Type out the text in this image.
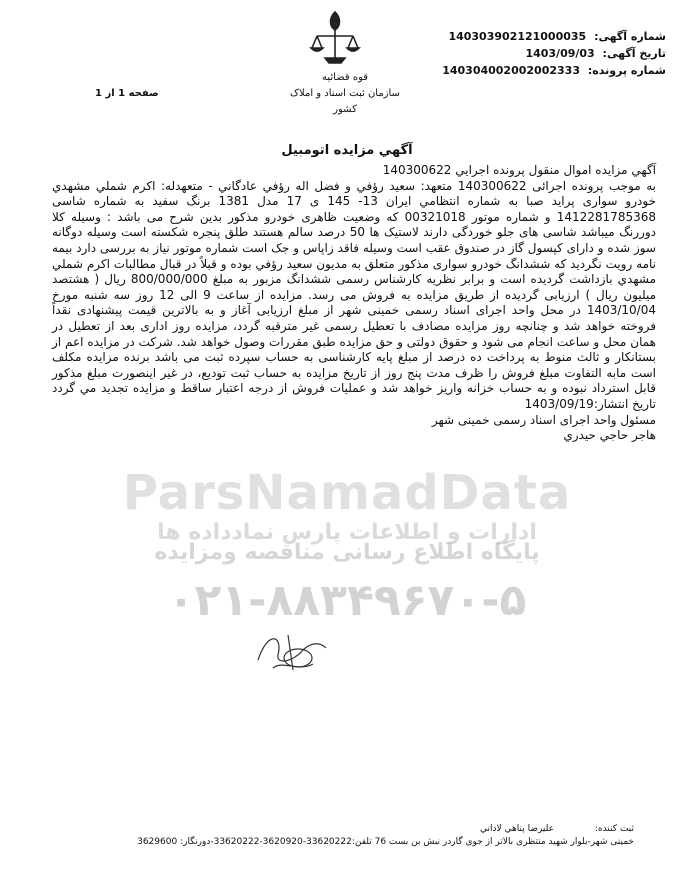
شماره آگهی: 140303902121000035
تاریخ آگهی: 1403/09/03
شماره پرونده: 140304002002002333
قوه قضائیه
سازمان ثبت اسناد و املاک کشور
صفحه 1 از 1
آگهي مزايده اتومبيل
ParsNamadData
ادارات و اطلاعات پارس نمادداده ها
پایگاه اطلاع رسانی مناقصه ومزایده
۰۲۱-۸۸۳۴۹۶۷۰-۵

آگهي مزايده اموال منقول پرونده اجرايي 140300622

به موجب پرونده اجرائی 140300622 متعهد: سعيد رؤفي و فضل اله رؤفي عادگاني - متعهدله: اکرم شملي مشهدي خودرو سواری پرايد صبا به شماره انتظامي ايران 13- 145 ی 17 مدل 1381 برنگ سفید به شماره شاسی 1412281785368 و شماره موتور 00321018 که وضعیت ظاهری خودرو مذکور بدین شرح می باشد : وسیله کلا دوررنگ میباشد شاسی های جلو خوردگی دارند لاستیک ها 50 درصد سالم هستند طلق پنجره شکسته است وسیله دوگانه سوز شده و دارای کپسول گاز در صندوق عقب است وسیله فاقد زاپاس و جک است شماره موتور نیاز به بررسی دارد بیمه نامه رویت نگردید که ششدانگ خودرو سواری مذکور متعلق به مديون سعيد رؤفي بوده و قبلاً در قبال مطالبات اکرم شملي مشهدي بازداشت گرديده است و برابر نظريه كارشناس رسمی ششدانگ مزبور به مبلغ 800/000/000 ريال ( هشتصد ميليون ريال ) ارزيابی گرديده از طريق مزايده به فروش می رسد. مزايده از ساعت 9 الی 12 روز سه شنبه مورخ 1403/10/04 در محل واحد اجرای اسناد رسمی خمينی شهر از مبلغ ارزيابی آغاز و به بالاترين قيمت پيشنهادی نقداً فروخته خواهد شد و چنانچه روز مزايده مصادف با تعطيل رسمی غير مترقبه گردد، مزايده روز اداری بعد از تعطيل در همان محل و ساعت انجام می شود و حقوق دولتی و حق مزايده طبق مقررات وصول خواهد شد. شرکت در مزايده اعم از بستانکار و ثالث منوط به پرداخت ده درصد از مبلغ پايه کارشناسی به حساب سپرده ثبت می باشد برنده مزايده مکلف است مابه التفاوت مبلغ فروش را ظرف مدت پنج روز از تاريخ مزايده به حساب ثبت توديع، در غير اينصورت مبلغ مذکور قابل استرداد نبوده و به حساب خزانه واريز خواهد شد و عمليات فروش از درجه اعتبار ساقط و مزايده تجديد مي گردد تاريخ انتشار:1403/09/19

مسئول واحد اجرای اسناد رسمی خمينی شهر

هاجر حاجي حيدري

ثبت کننده:
عليرضا پناهي لاداني
خمینی شهر-بلوار شهید منتظری بالاتر از جوی گاردر نبش بن بست 76 تلفن:33620222-3620920-33620222-دورنگار: 3629600
